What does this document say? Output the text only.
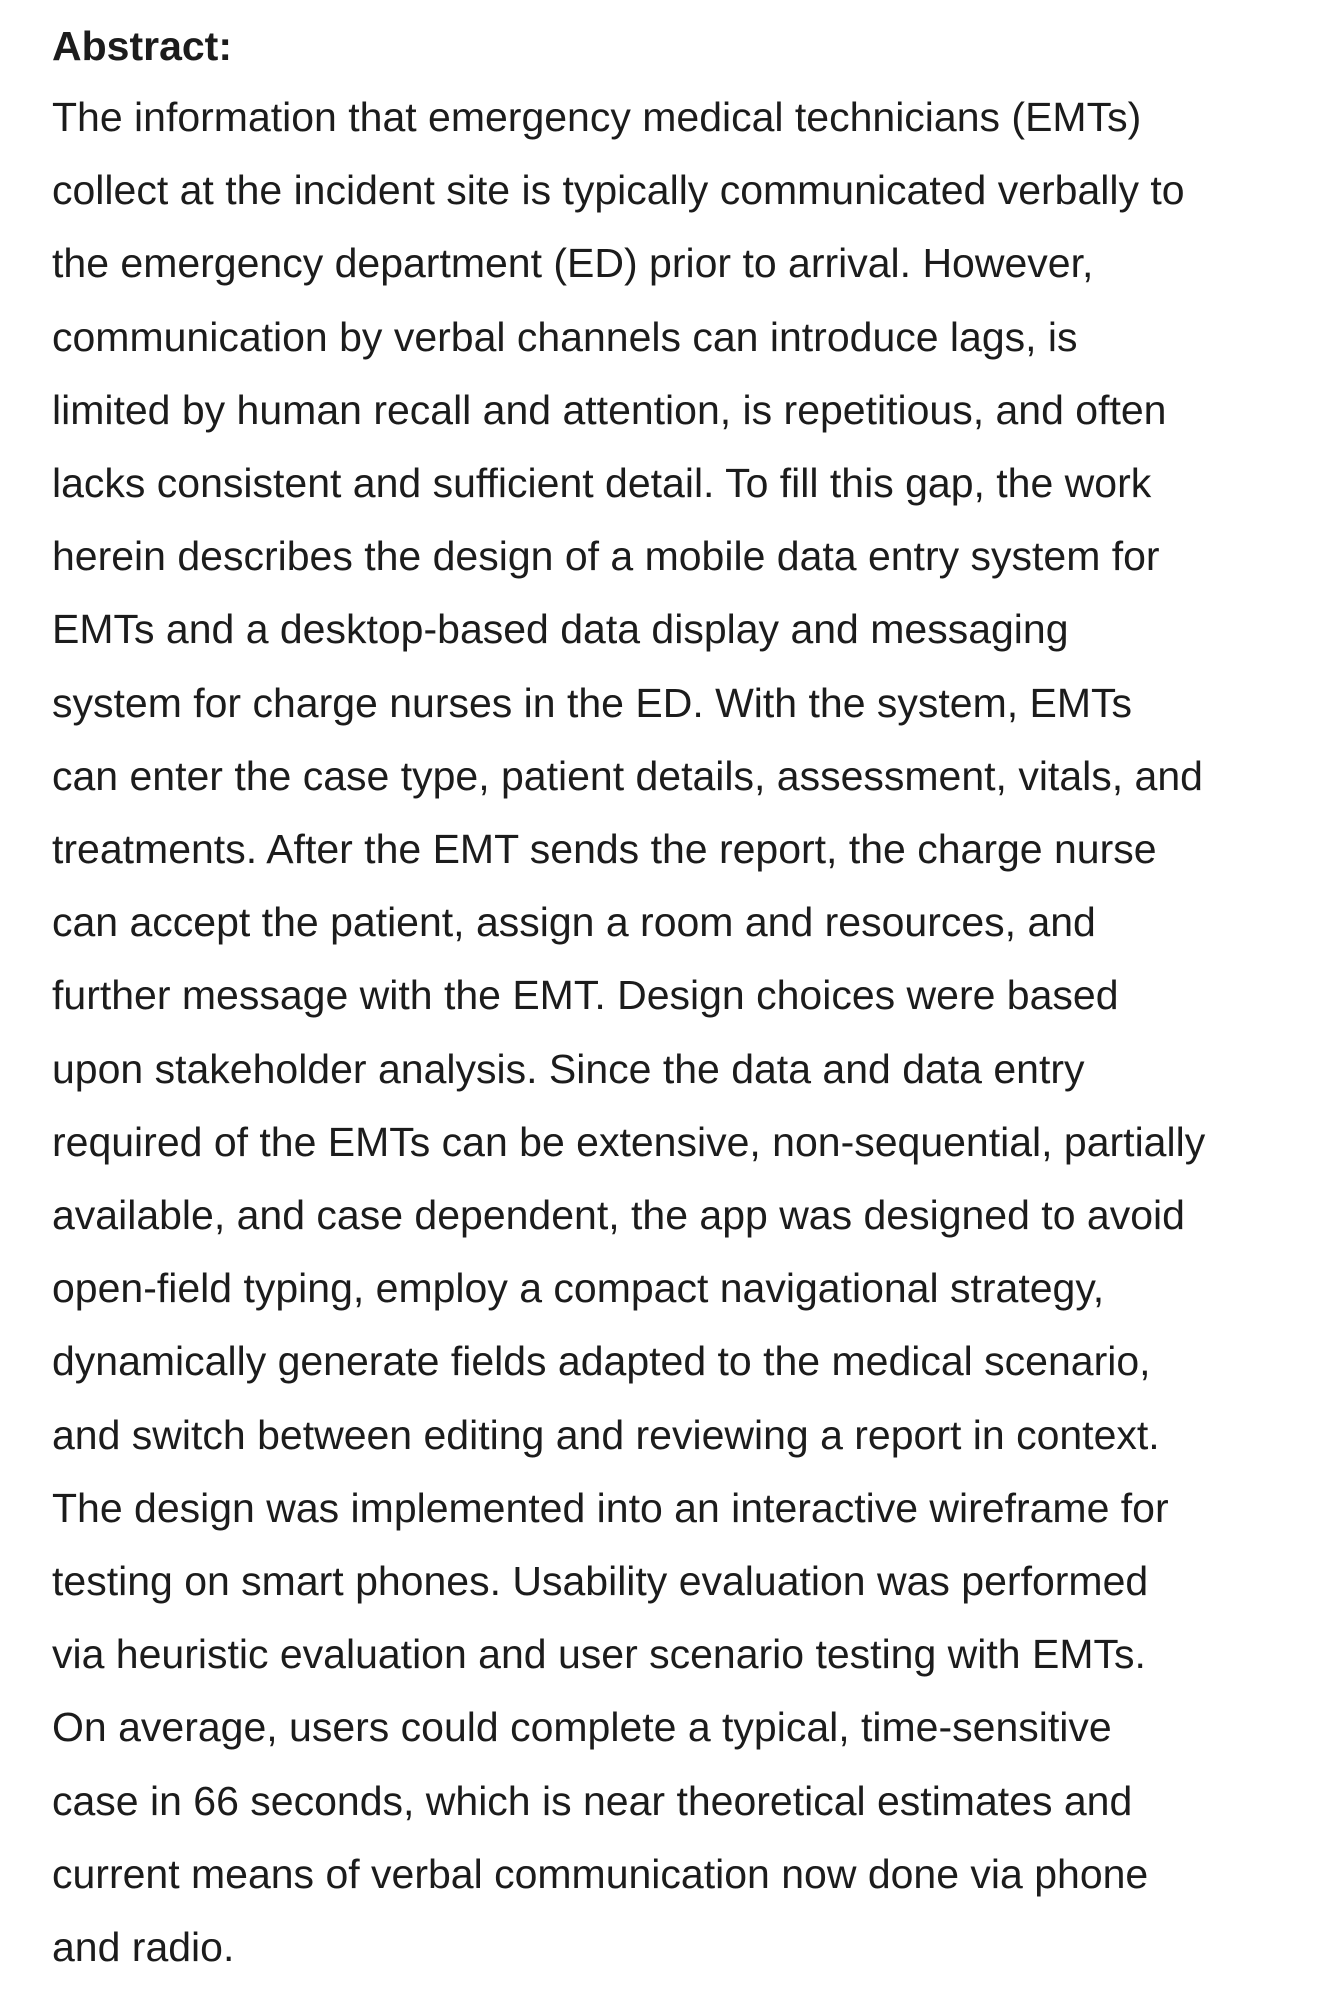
Abstract:
The information that emergency medical technicians (EMTs)
collect at the incident site is typically communicated verbally to
the emergency department (ED) prior to arrival. However,
communication by verbal channels can introduce lags, is
limited by human recall and attention, is repetitious, and often
lacks consistent and sufficient detail. To fill this gap, the work
herein describes the design of a mobile data entry system for
EMTs and a desktop-based data display and messaging
system for charge nurses in the ED. With the system, EMTs
can enter the case type, patient details, assessment, vitals, and
treatments. After the EMT sends the report, the charge nurse
can accept the patient, assign a room and resources, and
further message with the EMT. Design choices were based
upon stakeholder analysis. Since the data and data entry
required of the EMTs can be extensive, non-sequential, partially
available, and case dependent, the app was designed to avoid
open-field typing, employ a compact navigational strategy,
dynamically generate fields adapted to the medical scenario,
and switch between editing and reviewing a report in context.
The design was implemented into an interactive wireframe for
testing on smart phones. Usability evaluation was performed
via heuristic evaluation and user scenario testing with EMTs.
On average, users could complete a typical, time-sensitive
case in 66 seconds, which is near theoretical estimates and
current means of verbal communication now done via phone
and radio.
